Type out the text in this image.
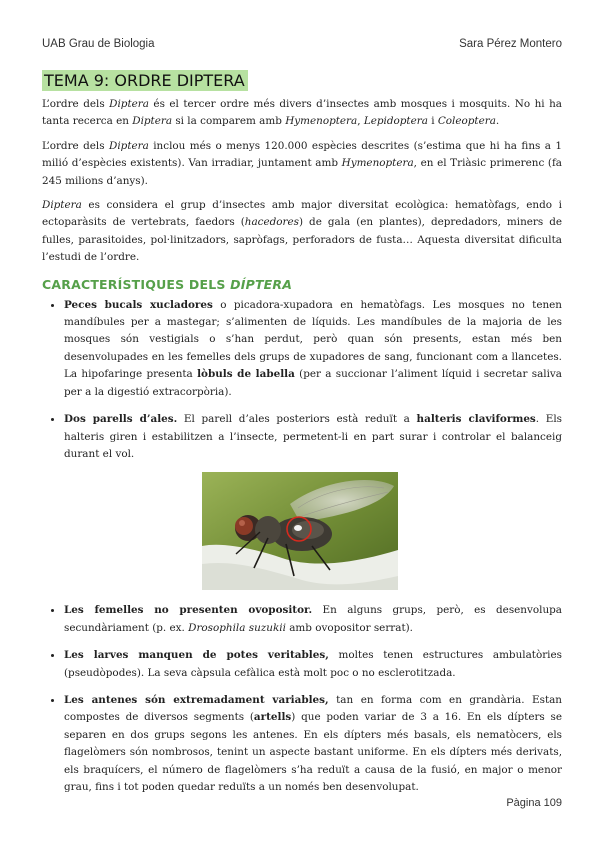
UAB Grau de Biologia	Sara Pérez Montero
TEMA 9: ORDRE DIPTERA

L’ordre dels Diptera és el tercer ordre més divers d’insectes amb mosques i mosquits. No hi ha tanta recerca en Diptera si la comparem amb Hymenoptera, Lepidoptera i Coleoptera.

L’ordre dels Diptera inclou més o menys 120.000 espècies descrites (s’estima que hi ha fins a 1 milió d’espècies existents). Van irradiar, juntament amb Hymenoptera, en el Triàsic primerenc (fa 245 milions d’anys).

Diptera es considera el grup d’insectes amb major diversitat ecològica: hematòfags, endo i ectoparàsits de vertebrats, faedors (hacedores) de gala (en plantes), depredadors, miners de fulles, parasitoides, pol·linitzadors, sapròfags, perforadors de fusta… Aquesta diversitat dificulta l’estudi de l’ordre.

CARACTERÍSTIQUES DELS DÍPTERA
• Peces bucals xucladores o picadora-xupadora en hematòfags. Les mosques no tenen mandíbules per a mastegar; s’alimenten de líquids. Les mandíbules de la majoria de les mosques són vestigials o s’han perdut, però quan són presents, estan més ben desenvolupades en les femelles dels grups de xupadores de sang, funcionant com a llancetes. La hipofaringe presenta lòbuls de labella (per a succionar l’aliment líquid i secretar saliva per a la digestió extracorpòria).
• Dos parells d’ales. El parell d’ales posteriors està reduït a halteris claviformes. Els halteris giren i estabilitzen a l’insecte, permetent-li en part surar i controlar el balanceig durant el vol.
• Les femelles no presenten ovopositor. En alguns grups, però, es desenvolupa secundàriament (p. ex. Drosophila suzukii amb ovopositor serrat).
• Les larves manquen de potes veritables, moltes tenen estructures ambulatòries (pseudòpodes). La seva càpsula cefàlica està molt poc o no esclerotitzada.
• Les antenes són extremadament variables, tan en forma com en grandària. Estan compostes de diversos segments (artells) que poden variar de 3 a 16. En els dípters se separen en dos grups segons les antenes. En els dípters més basals, els nematòcers, els flagelòmers són nombrosos, tenint un aspecte bastant uniforme. En els dípters més derivats, els braquícers, el número de flagelòmers s’ha reduït a causa de la fusió, en major o menor grau, fins i tot poden quedar reduïts a un només ben desenvolupat.
Pàgina 109
